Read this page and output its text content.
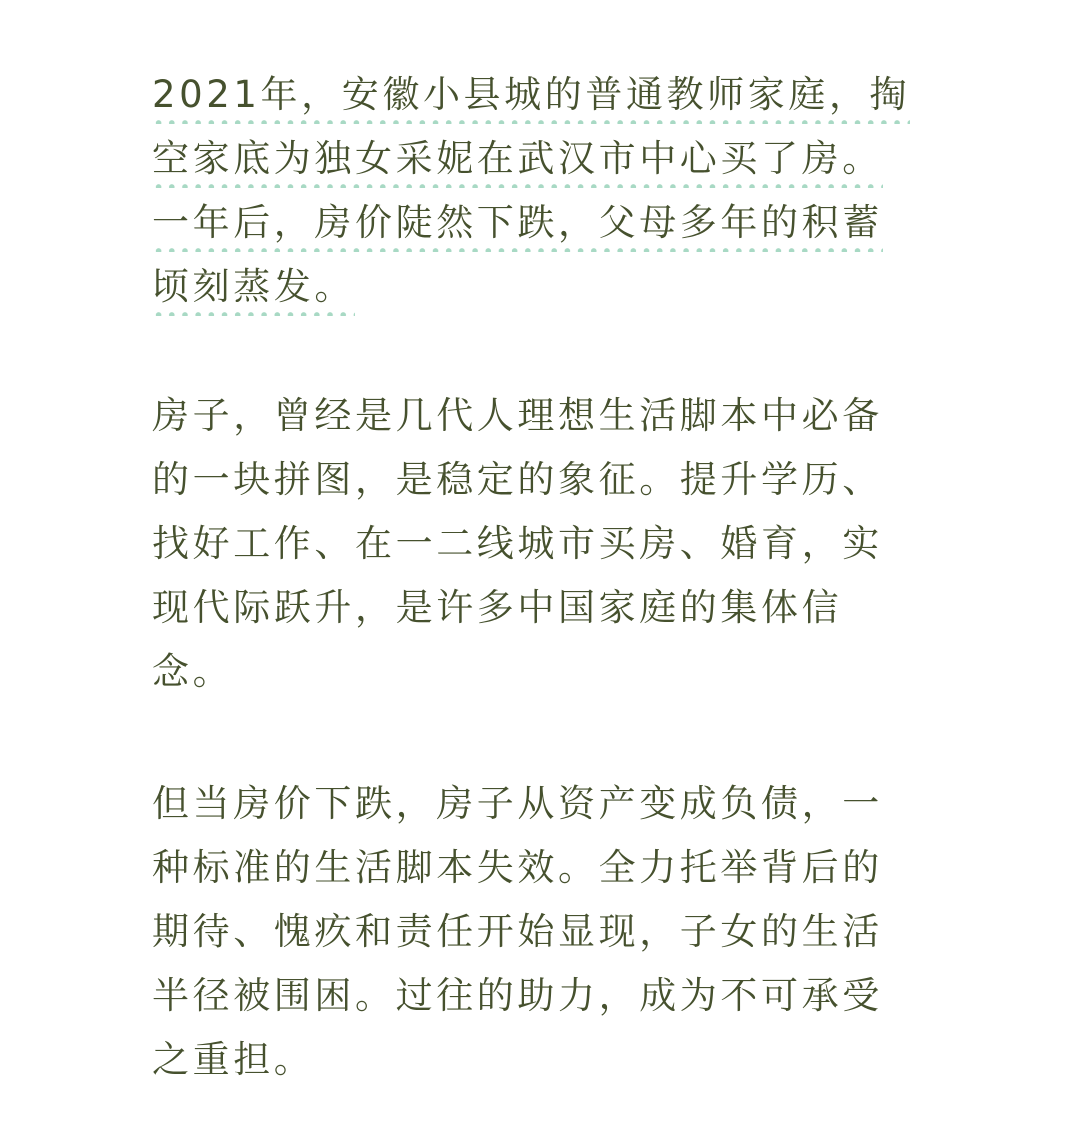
2021年，安徽小县城的普通教师家庭，掏
空家底为独女采妮在武汉市中心买了房。
一年后，房价陡然下跌，父母多年的积蓄
顷刻蒸发。
房子，曾经是几代人理想生活脚本中必备
的一块拼图，是稳定的象征。提升学历、
找好工作、在一二线城市买房、婚育，实
现代际跃升，是许多中国家庭的集体信
念。
但当房价下跌，房子从资产变成负债，一
种标准的生活脚本失效。全力托举背后的
期待、愧疚和责任开始显现，子女的生活
半径被围困。过往的助力，成为不可承受
之重担。
